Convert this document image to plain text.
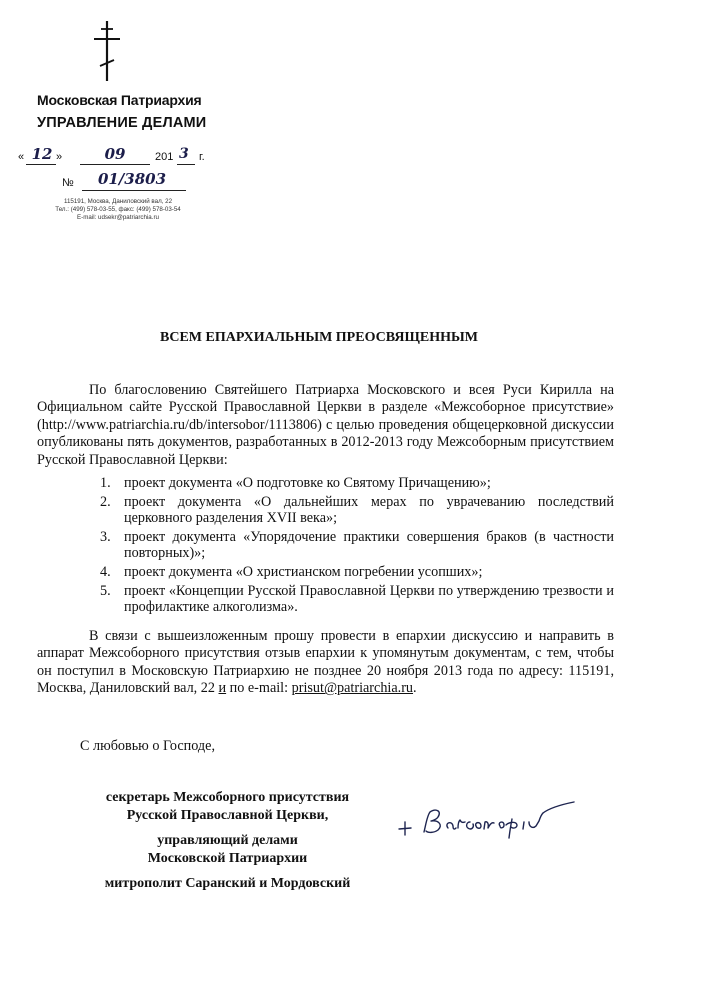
Московская Патриархия
УПРАВЛЕНИЕ ДЕЛАМИ
« 12 »	09	201 3 г.
№	01/3803
115191, Москва, Даниловский вал, 22
Тел.: (499) 578-03-55, факс: (499) 578-03-54
E-mail: udsekr@patriarchia.ru
ВСЕМ ЕПАРХИАЛЬНЫМ ПРЕОСВЯЩЕННЫМ

По благословению Святейшего Патриарха Московского и всея Руси Кирилла на Официальном сайте Русской Православной Церкви в разделе «Межсоборное присутствие» (http://www.patriarchia.ru/db/intersobor/1113806) с целью проведения общецерковной дискуссии опубликованы пять документов, разработанных в 2012-2013 году Межсоборным присутствием Русской Православной Церкви:

1. проект документа «О подготовке ко Святому Причащению»;
2. проект документа «О дальнейших мерах по уврачеванию последствий церковного разделения XVII века»;
3. проект документа «Упорядочение практики совершения браков (в частности повторных)»;
4. проект документа «О христианском погребении усопших»;
5. проект «Концепции Русской Православной Церкви по утверждению трезвости и профилактике алкоголизма».

В связи с вышеизложенным прошу провести в епархии дискуссию и направить в аппарат Межсоборного присутствия отзыв епархии к упомянутым документам, с тем, чтобы он поступил в Московскую Патриархию не позднее 20 ноября 2013 года по адресу: 115191, Москва, Даниловский вал, 22 и по e-mail: prisut@patriarchia.ru.

С любовью о Господе,
секретарь Межсоборного присутствия
Русской Православной Церкви,
управляющий делами
Московской Патриархии
митрополит Саранский и Мордовский
